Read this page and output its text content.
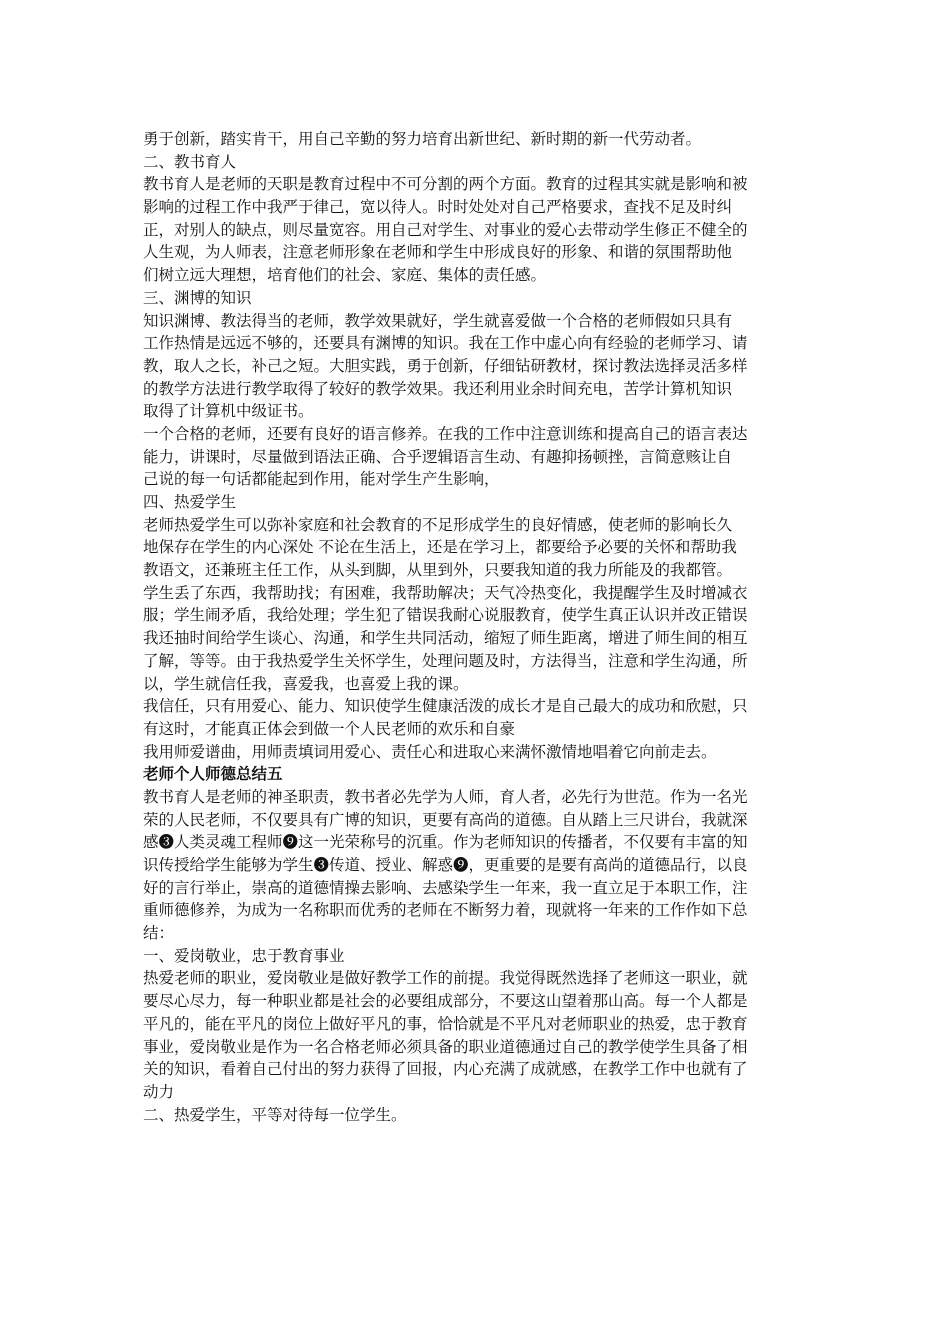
勇于创新，踏实肯干，用自己辛勤的努力培育出新世纪、新时期的新一代劳动者。
二、教书育人
教书育人是老师的天职是教育过程中不可分割的两个方面。教育的过程其实就是影响和被
影响的过程工作中我严于律己，宽以待人。时时处处对自己严格要求，查找不足及时纠
正，对别人的缺点，则尽量宽容。用自己对学生、对事业的爱心去带动学生修正不健全的
人生观，为人师表，注意老师形象在老师和学生中形成良好的形象、和谐的氛围帮助他
们树立远大理想，培育他们的社会、家庭、集体的责任感。
三、渊博的知识
知识渊博、教法得当的老师，教学效果就好，学生就喜爱做一个合格的老师假如只具有
工作热情是远远不够的，还要具有渊博的知识。我在工作中虚心向有经验的老师学习、请
教，取人之长，补己之短。大胆实践，勇于创新，仔细钻研教材，探讨教法选择灵活多样
的教学方法进行教学取得了较好的教学效果。我还利用业余时间充电，苦学计算机知识
取得了计算机中级证书。
一个合格的老师，还要有良好的语言修养。在我的工作中注意训练和提高自己的语言表达
能力，讲课时，尽量做到语法正确、合乎逻辑语言生动、有趣抑扬顿挫，言简意赅让自
己说的每一句话都能起到作用，能对学生产生影响，
四、热爱学生
老师热爱学生可以弥补家庭和社会教育的不足形成学生的良好情感，使老师的影响长久
地保存在学生的内心深处 不论在生活上，还是在学习上，都要给予必要的关怀和帮助我
教语文，还兼班主任工作，从头到脚，从里到外，只要我知道的我力所能及的我都管。
学生丢了东西，我帮助找；有困难，我帮助解决；天气冷热变化，我提醒学生及时增减衣
服；学生闹矛盾，我给处理；学生犯了错误我耐心说服教育，使学生真正认识并改正错误
我还抽时间给学生谈心、沟通，和学生共同活动，缩短了师生距离，增进了师生间的相互
了解，等等。由于我热爱学生关怀学生，处理问题及时，方法得当，注意和学生沟通，所
以，学生就信任我，喜爱我，也喜爱上我的课。
我信任，只有用爱心、能力、知识使学生健康活泼的成长才是自己最大的成功和欣慰，只
有这时，才能真正体会到做一个人民老师的欢乐和自豪
我用师爱谱曲，用师责填词用爱心、责任心和进取心来满怀激情地唱着它向前走去。
老师个人师德总结五
教书育人是老师的神圣职责，教书者必先学为人师，育人者，必先行为世范。作为一名光
荣的人民老师，不仅要具有广博的知识，更要有高尚的道德。自从踏上三尺讲台，我就深
感❸人类灵魂工程师❾这一光荣称号的沉重。作为老师知识的传播者，不仅要有丰富的知
识传授给学生能够为学生❸传道、授业、解惑❾，更重要的是要有高尚的道德品行，以良
好的言行举止，崇高的道德情操去影响、去感染学生一年来，我一直立足于本职工作，注
重师德修养，为成为一名称职而优秀的老师在不断努力着，现就将一年来的工作作如下总
结：
一、爱岗敬业，忠于教育事业
热爱老师的职业，爱岗敬业是做好教学工作的前提。我觉得既然选择了老师这一职业，就
要尽心尽力，每一种职业都是社会的必要组成部分，不要这山望着那山高。每一个人都是
平凡的，能在平凡的岗位上做好平凡的事，恰恰就是不平凡对老师职业的热爱，忠于教育
事业，爱岗敬业是作为一名合格老师必须具备的职业道德通过自己的教学使学生具备了相
关的知识，看着自己付出的努力获得了回报，内心充满了成就感，在教学工作中也就有了
动力
二、热爱学生，平等对待每一位学生。
